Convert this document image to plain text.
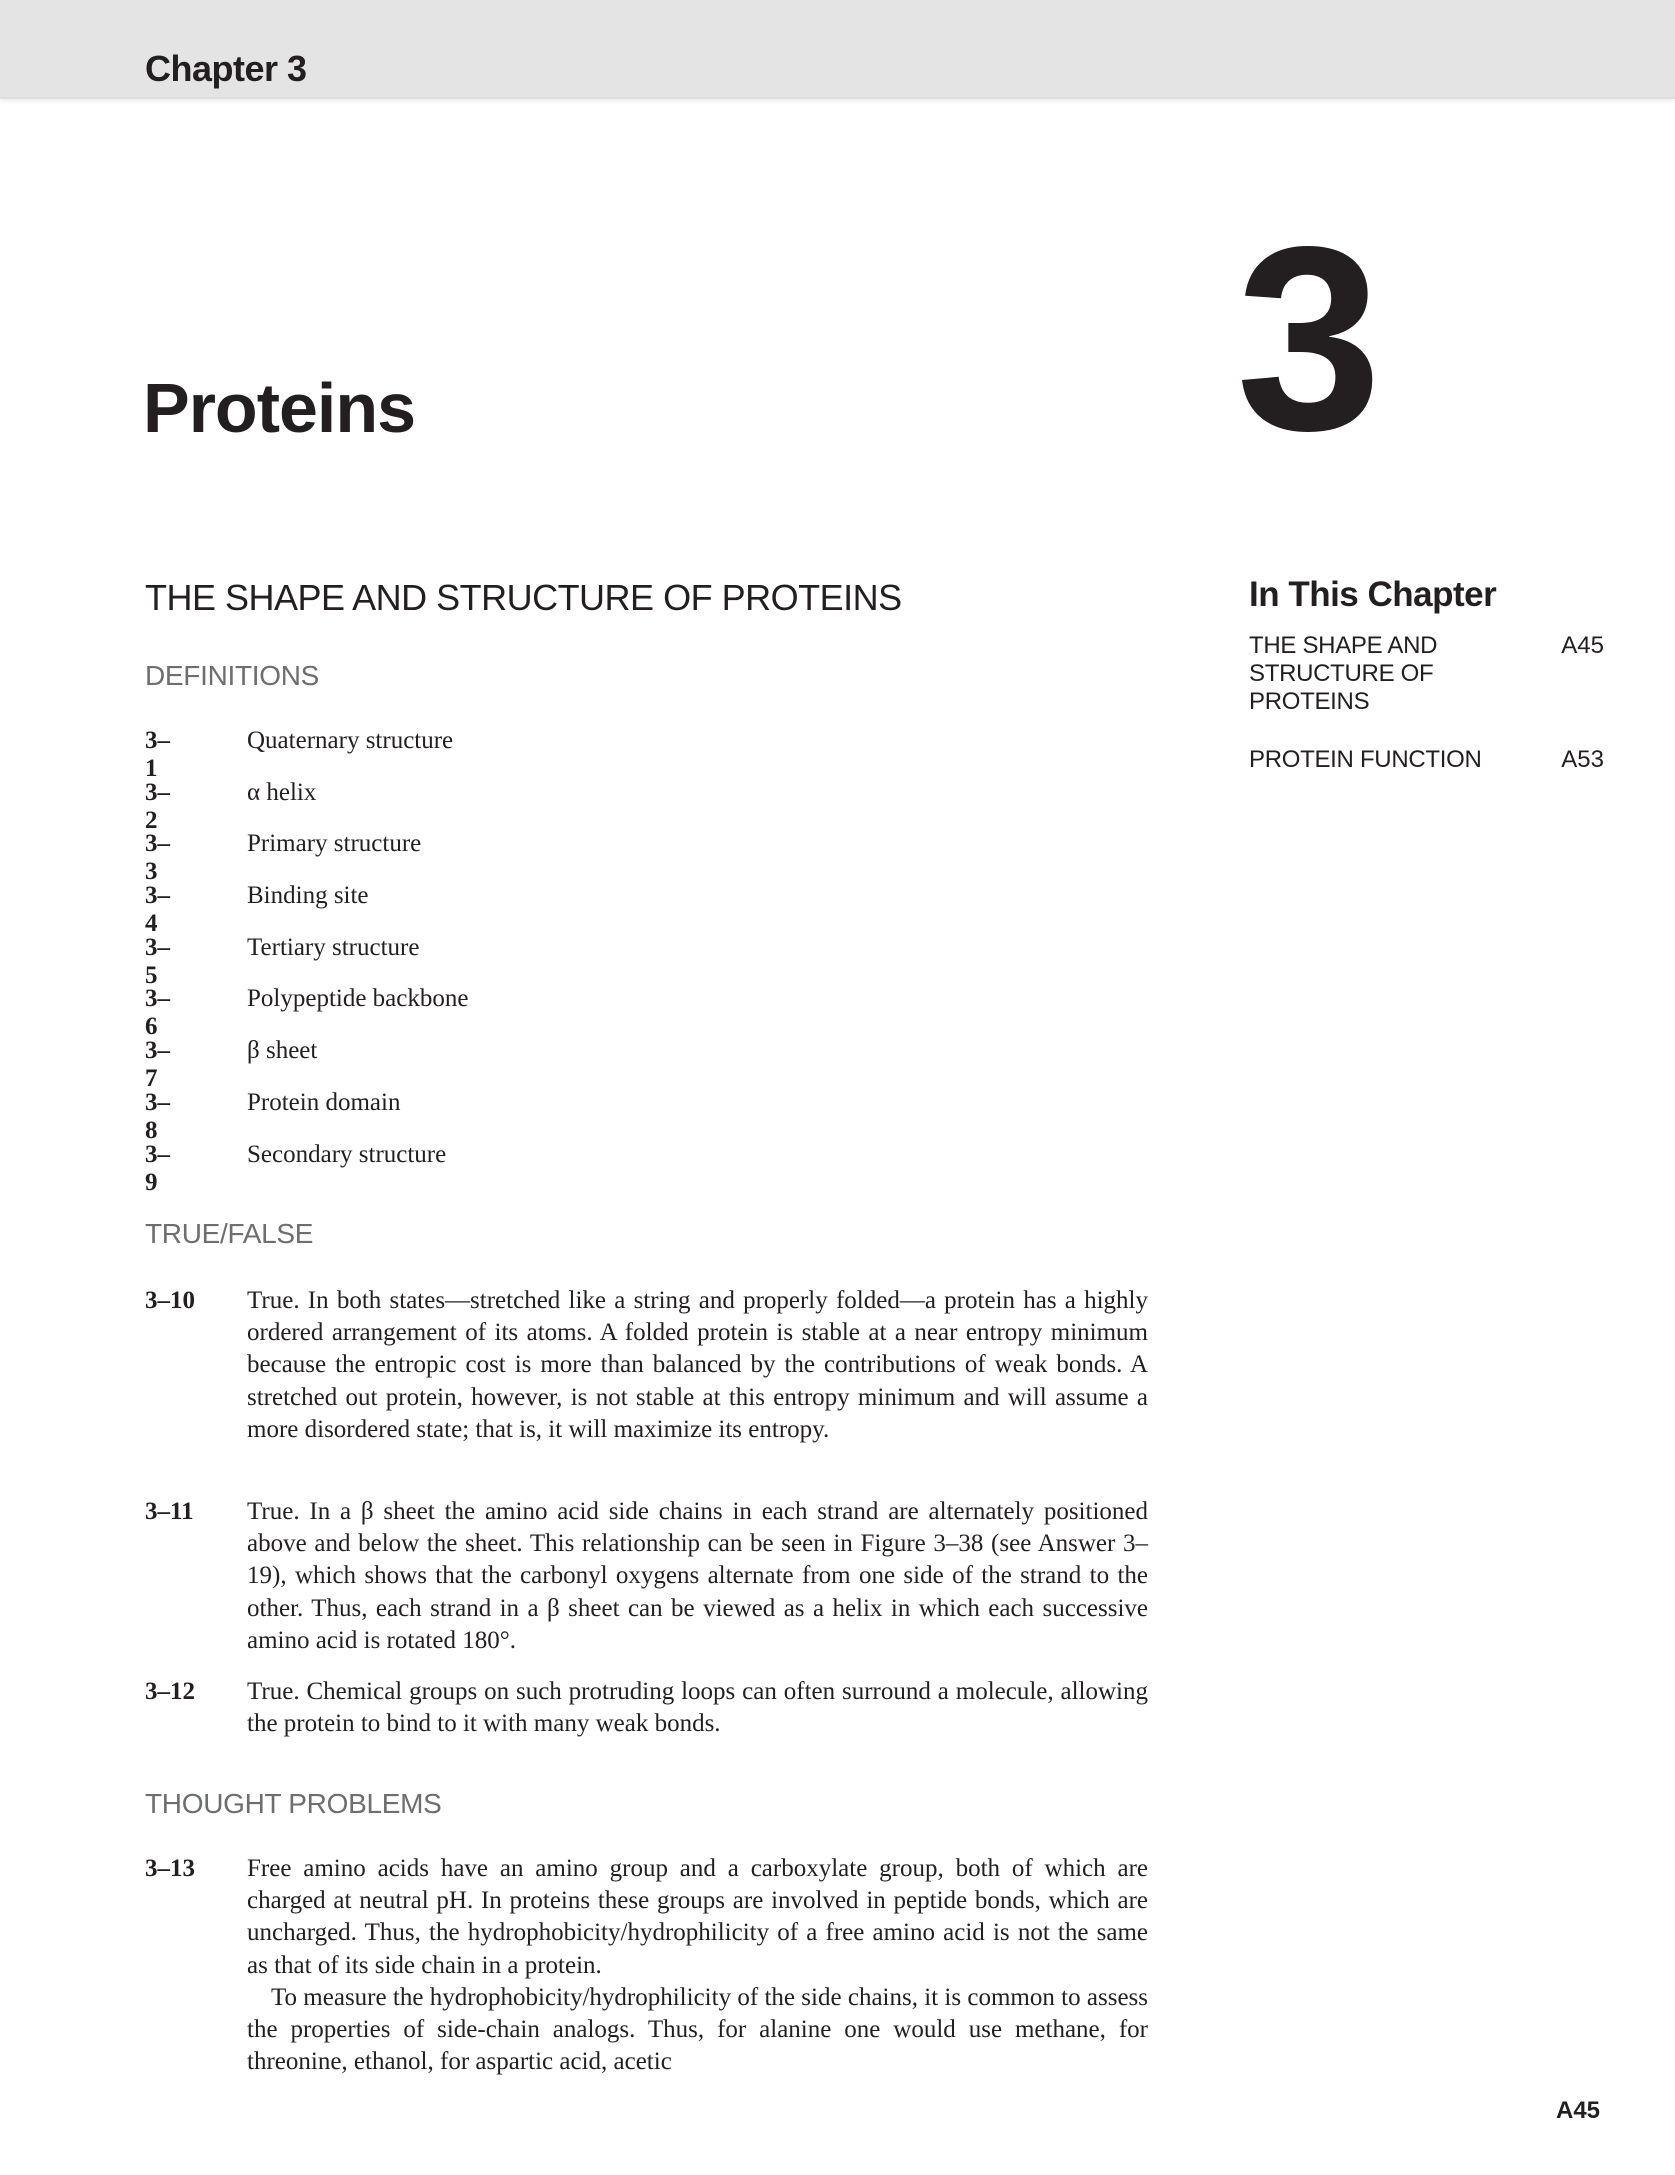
Chapter 3
3
Proteins
THE SHAPE AND STRUCTURE OF PROTEINS
DEFINITIONS
3–1
Quaternary structure
3–2
α helix
3–3
Primary structure
3–4
Binding site
3–5
Tertiary structure
3–6
Polypeptide backbone
3–7
β sheet
3–8
Protein domain
3–9
Secondary structure
TRUE/FALSE
3–10 True. In both states—stretched like a string and properly folded—a protein has a highly ordered arrangement of its atoms. A folded protein is stable at a near entropy minimum because the entropic cost is more than balanced by the contributions of weak bonds. A stretched out protein, however, is not stable at this entropy minimum and will assume a more disordered state; that is, it will maximize its entropy.

3–11 True. In a β sheet the amino acid side chains in each strand are alternately positioned above and below the sheet. This relationship can be seen in Figure 3–38 (see Answer 3–19), which shows that the carbonyl oxygens alternate from one side of the strand to the other. Thus, each strand in a β sheet can be viewed as a helix in which each successive amino acid is rotated 180°.

3–12 True. Chemical groups on such protruding loops can often surround a molecule, allowing the protein to bind to it with many weak bonds.

THOUGHT PROBLEMS
3–13 Free amino acids have an amino group and a carboxylate group, both of which are charged at neutral pH. In proteins these groups are involved in peptide bonds, which are uncharged. Thus, the hydrophobicity/hydrophilicity of a free amino acid is not the same as that of its side chain in a protein.

To measure the hydrophobicity/hydrophilicity of the side chains, it is common to assess the properties of side-chain analogs. Thus, for alanine one would use methane, for threonine, ethanol, for aspartic acid, acetic

In This Chapter
THE SHAPE AND STRUCTURE OF PROTEINS
A45
PROTEIN FUNCTION	A53
A45
